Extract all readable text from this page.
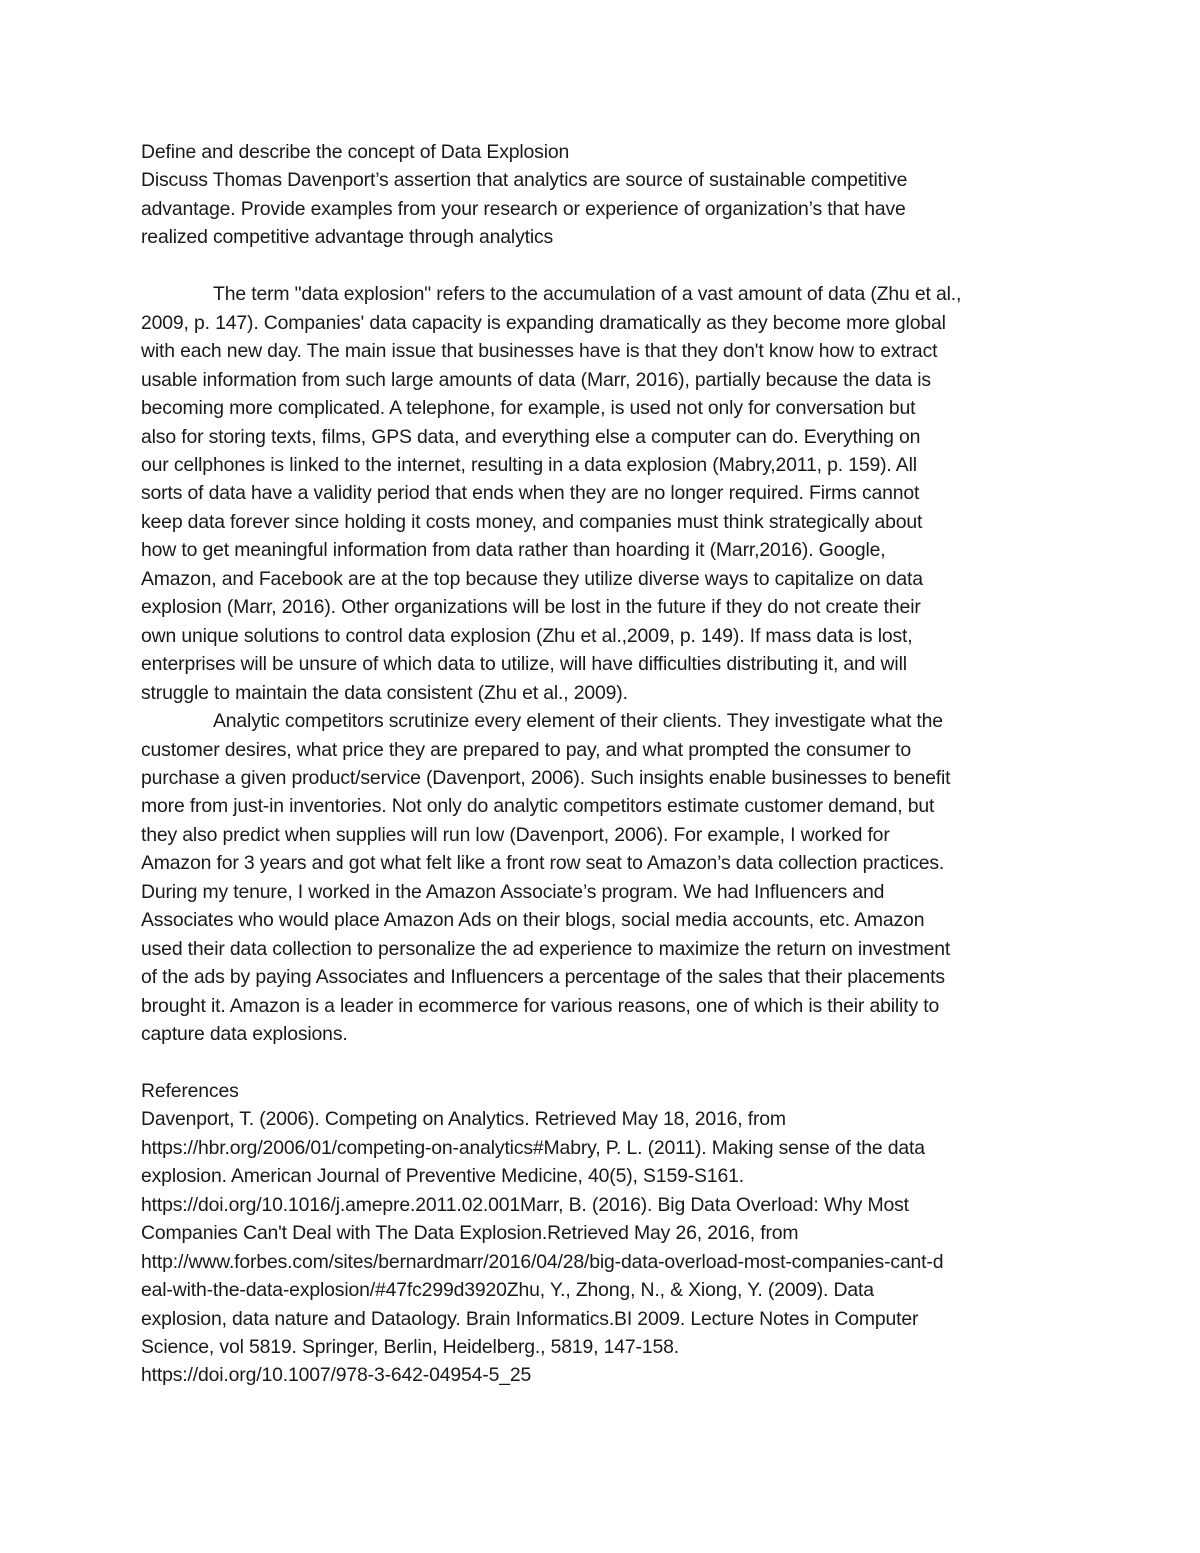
Define and describe the concept of Data Explosion
Discuss Thomas Davenport’s assertion that analytics are source of sustainable competitive
advantage. Provide examples from your research or experience of organization’s that have
realized competitive advantage through analytics
The term "data explosion" refers to the accumulation of a vast amount of data (Zhu et al.,
2009, p. 147). Companies' data capacity is expanding dramatically as they become more global
with each new day. The main issue that businesses have is that they don't know how to extract
usable information from such large amounts of data (Marr, 2016), partially because the data is
becoming more complicated. A telephone, for example, is used not only for conversation but
also for storing texts, films, GPS data, and everything else a computer can do. Everything on
our cellphones is linked to the internet, resulting in a data explosion (Mabry,2011, p. 159). All
sorts of data have a validity period that ends when they are no longer required. Firms cannot
keep data forever since holding it costs money, and companies must think strategically about
how to get meaningful information from data rather than hoarding it (Marr,2016). Google,
Amazon, and Facebook are at the top because they utilize diverse ways to capitalize on data
explosion (Marr, 2016). Other organizations will be lost in the future if they do not create their
own unique solutions to control data explosion (Zhu et al.,2009, p. 149). If mass data is lost,
enterprises will be unsure of which data to utilize, will have difficulties distributing it, and will
struggle to maintain the data consistent (Zhu et al., 2009).
Analytic competitors scrutinize every element of their clients. They investigate what the
customer desires, what price they are prepared to pay, and what prompted the consumer to
purchase a given product/service (Davenport, 2006). Such insights enable businesses to benefit
more from just-in inventories. Not only do analytic competitors estimate customer demand, but
they also predict when supplies will run low (Davenport, 2006). For example, I worked for
Amazon for 3 years and got what felt like a front row seat to Amazon’s data collection practices.
During my tenure, I worked in the Amazon Associate’s program. We had Influencers and
Associates who would place Amazon Ads on their blogs, social media accounts, etc. Amazon
used their data collection to personalize the ad experience to maximize the return on investment
of the ads by paying Associates and Influencers a percentage of the sales that their placements
brought it. Amazon is a leader in ecommerce for various reasons, one of which is their ability to
capture data explosions.
References
Davenport, T. (2006). Competing on Analytics. Retrieved May 18, 2016, from
https://hbr.org/2006/01/competing-on-analytics#Mabry, P. L. (2011). Making sense of the data
explosion. American Journal of Preventive Medicine, 40(5), S159-S161.
https://doi.org/10.1016/j.amepre.2011.02.001Marr, B. (2016). Big Data Overload: Why Most
Companies Can't Deal with The Data Explosion.Retrieved May 26, 2016, from
http://www.forbes.com/sites/bernardmarr/2016/04/28/big-data-overload-most-companies-cant-d
eal-with-the-data-explosion/#47fc299d3920Zhu, Y., Zhong, N., & Xiong, Y. (2009). Data
explosion, data nature and Dataology. Brain Informatics.BI 2009. Lecture Notes in Computer
Science, vol 5819. Springer, Berlin, Heidelberg., 5819, 147-158.
https://doi.org/10.1007/978-3-642-04954-5_25
